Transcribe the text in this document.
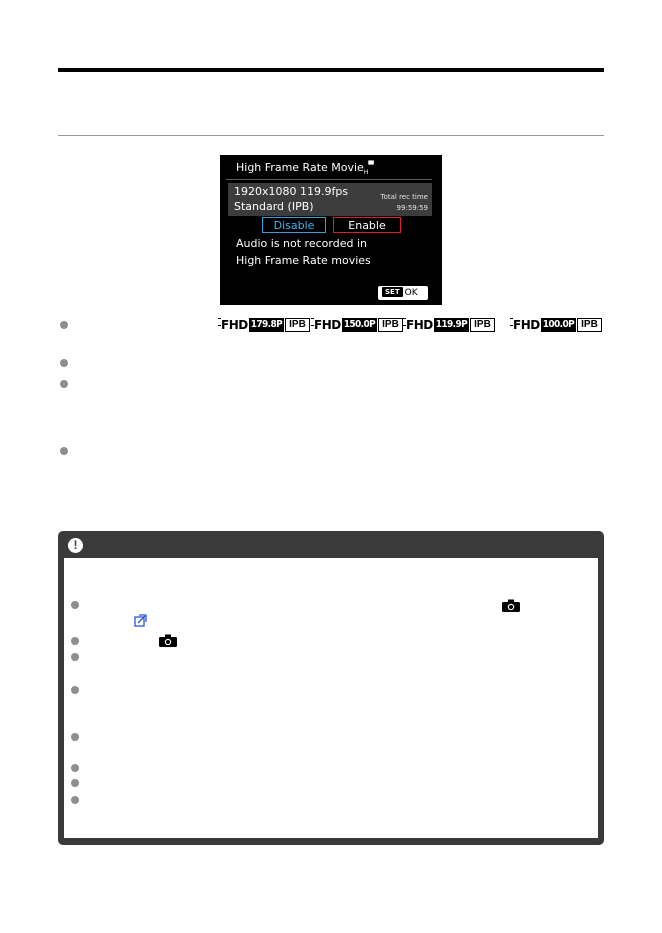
High Frame Rate Movie$_H$▀
1920x1080 119.9fps
Standard (IPB)
Total rec time
99:59:59
Disable	Enable
Audio is not recorded in
High Frame Rate movies
SET OK
FHD 179.8P IPB FHD 150.0P IPB FHD 119.9P IPB	FHD 100.0P IPB
!
